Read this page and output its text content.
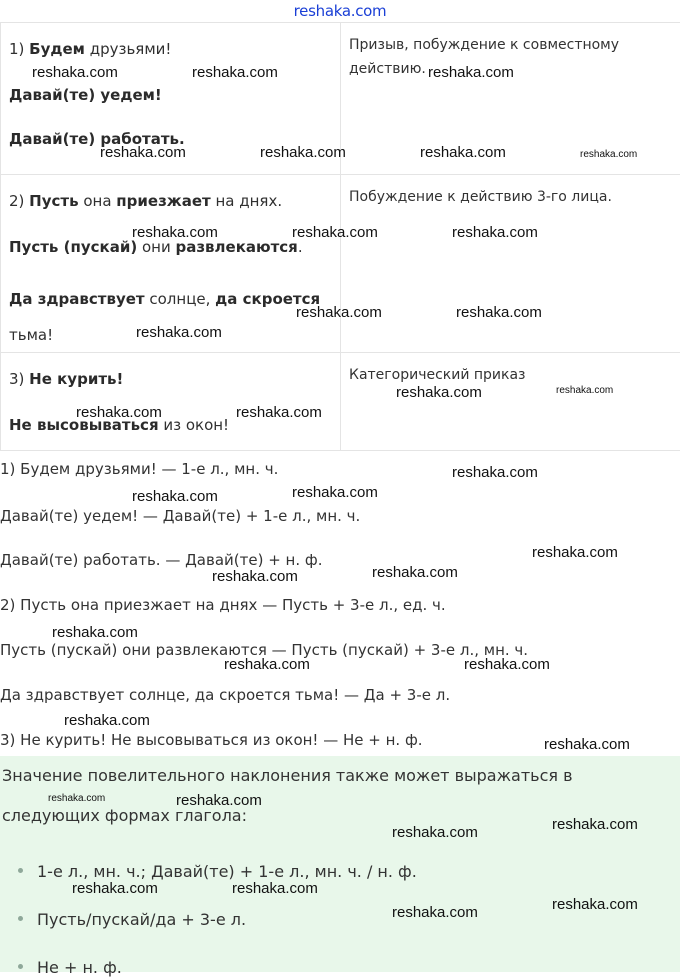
reshaka.com
1) Будем друзьями!
Давай(те) уедем!
Давай(те) работать.	Призыв, побуждение к совместному действию.

2) Пусть она приезжает на днях.
Пусть (пускай) они развлекаются.
Да здравствует солнце, да скроется тьма!	Побуждение к действию 3-го лица.

3) Не курить!
Не высовываться из окон!	Категорический приказ
1) Будем друзьями! — 1-е л., мн. ч.
Давай(те) уедем! — Давай(те) + 1-е л., мн. ч.
Давай(те) работать. — Давай(те) + н. ф.
2) Пусть она приезжает на днях — Пусть + 3-е л., ед. ч.
Пусть (пускай) они развлекаются — Пусть (пускай) + 3-е л., мн. ч.
Да здравствует солнце, да скроется тьма! — Да + 3-е л.
3) Не курить! Не высовываться из окон! — Не + н. ф.
Значение повелительного наклонения также может выражаться в следующих формах глагола:
1-е л., мн. ч.; Давай(те) + 1-е л., мн. ч. / н. ф.
Пусть/пускай/да + 3-е л.
Не + н. ф.
reshaka.com	reshaka.com	reshaka.com
reshaka.com	reshaka.com	reshaka.com	reshaka.com
reshaka.com	reshaka.com	reshaka.com
reshaka.com	reshaka.com
reshaka.com
reshaka.com	reshaka.com
reshaka.com	reshaka.com
reshaka.com
reshaka.com
reshaka.com
reshaka.com
reshaka.com
reshaka.com
reshaka.com
reshaka.com	reshaka.com
reshaka.com
reshaka.com
reshaka.com	reshaka.com
reshaka.com
reshaka.com
reshaka.com	reshaka.com
reshaka.com
reshaka.com
